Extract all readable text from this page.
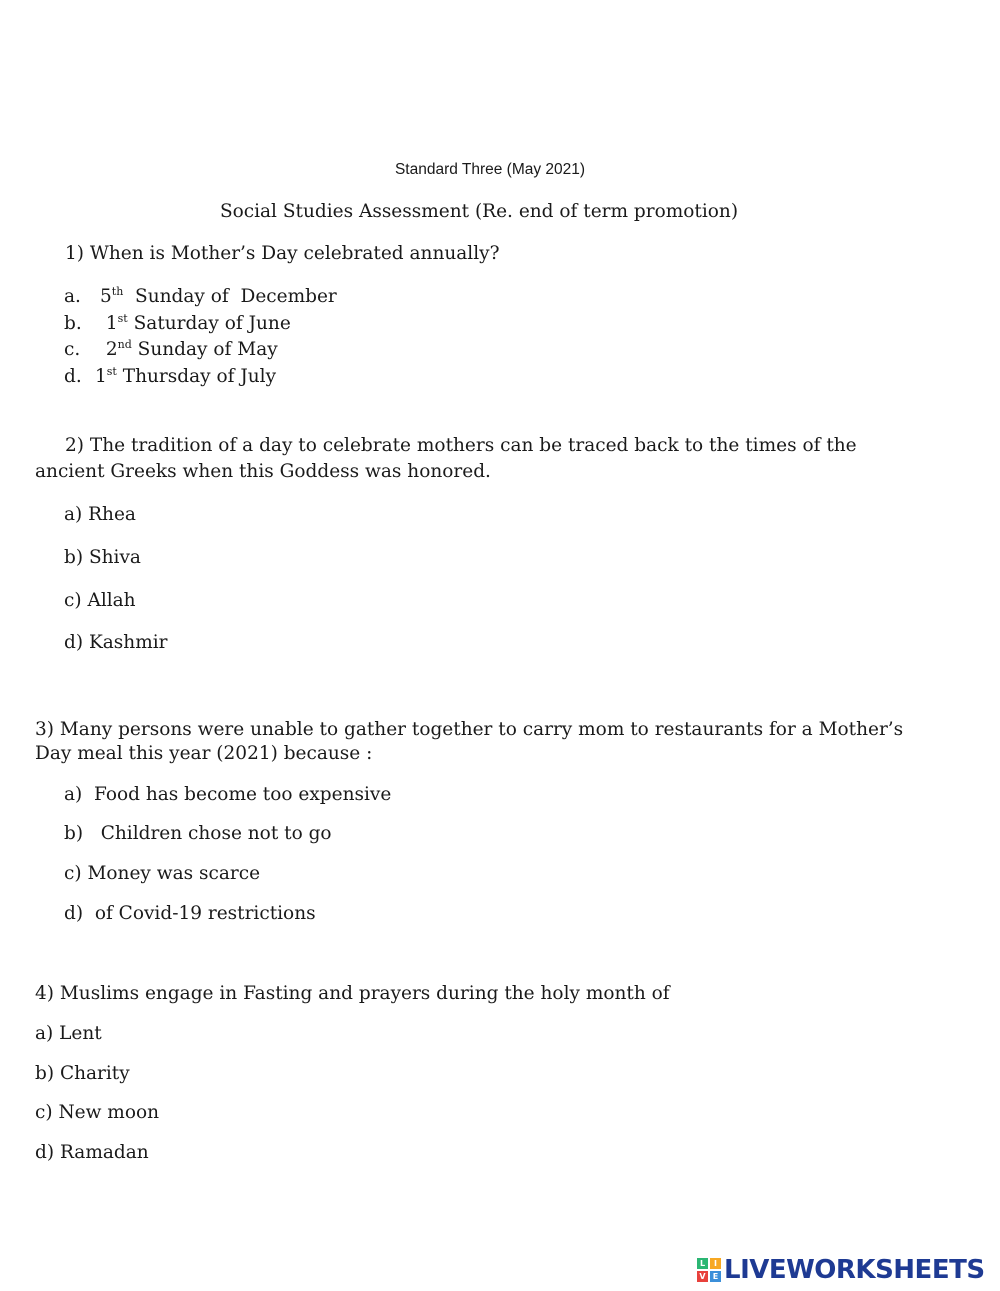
Standard Three (May 2021)
Social Studies Assessment (Re. end of term promotion)
1) When is Mother’s Day celebrated annually?
a. 5th  Sunday of  December
b. 1st Saturday of June
c. 2nd Sunday of May
d. 1st Thursday of July
2) The tradition of a day to celebrate mothers can be traced back to the times of the
ancient Greeks when this Goddess was honored.
a) Rhea
b) Shiva
c) Allah
d) Kashmir
3) Many persons were unable to gather together to carry mom to restaurants for a Mother’s
Day meal this year (2021) because :
a)  Food has become too expensive
b)   Children chose not to go
c) Money was scarce
d)  of Covid-19 restrictions
4) Muslims engage in Fasting and prayers during the holy month of
a) Lent
b) Charity
c) New moon
d) Ramadan
L	I
V E LIVEWORKSHEETS
